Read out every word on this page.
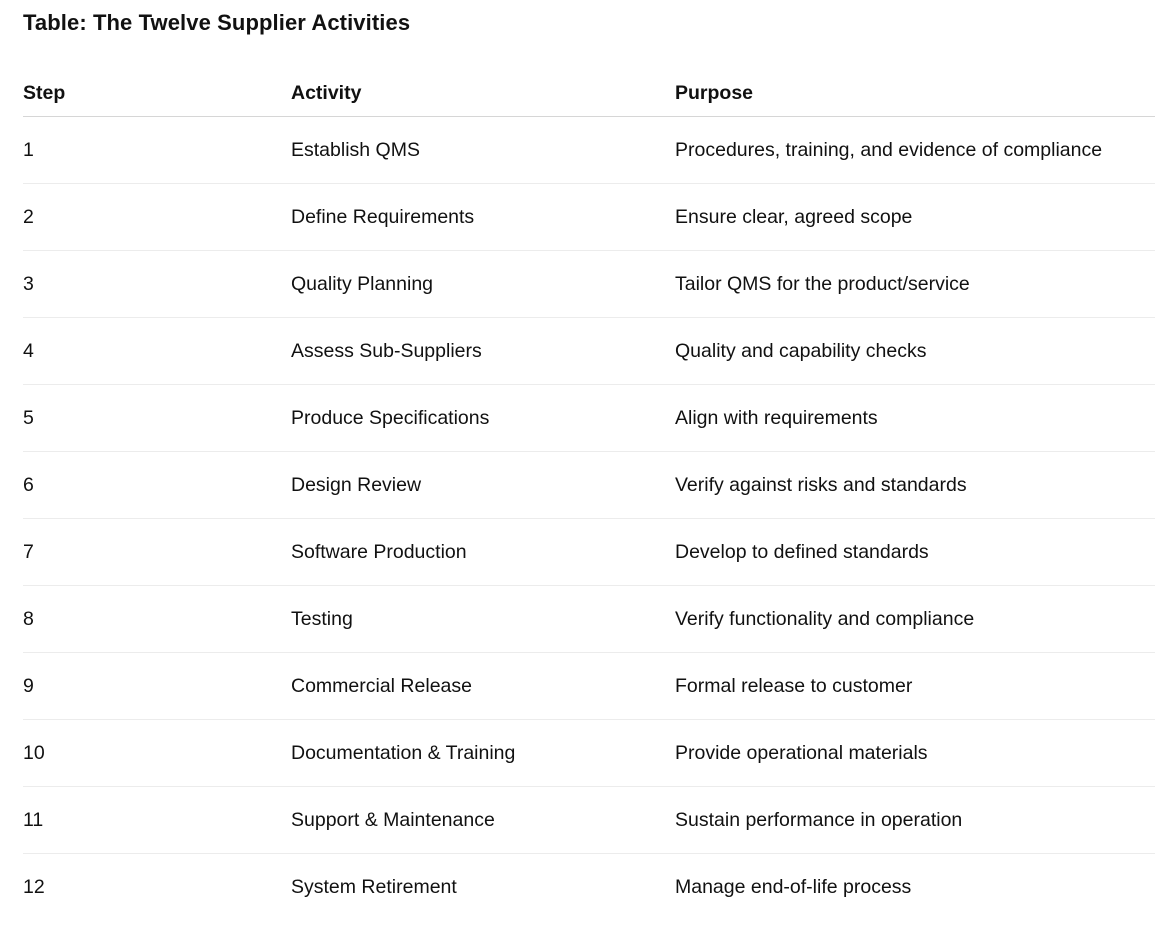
Table: The Twelve Supplier Activities
Step	Activity	Purpose
1	Establish QMS	Procedures, training, and evidence of compliance
2	Define Requirements	Ensure clear, agreed scope
3	Quality Planning	Tailor QMS for the product/service
4	Assess Sub-Suppliers	Quality and capability checks
5	Produce Specifications	Align with requirements
6	Design Review	Verify against risks and standards
7	Software Production	Develop to defined standards
8	Testing	Verify functionality and compliance
9	Commercial Release	Formal release to customer
10	Documentation & Training	Provide operational materials
11	Support & Maintenance	Sustain performance in operation
12	System Retirement	Manage end-of-life process
